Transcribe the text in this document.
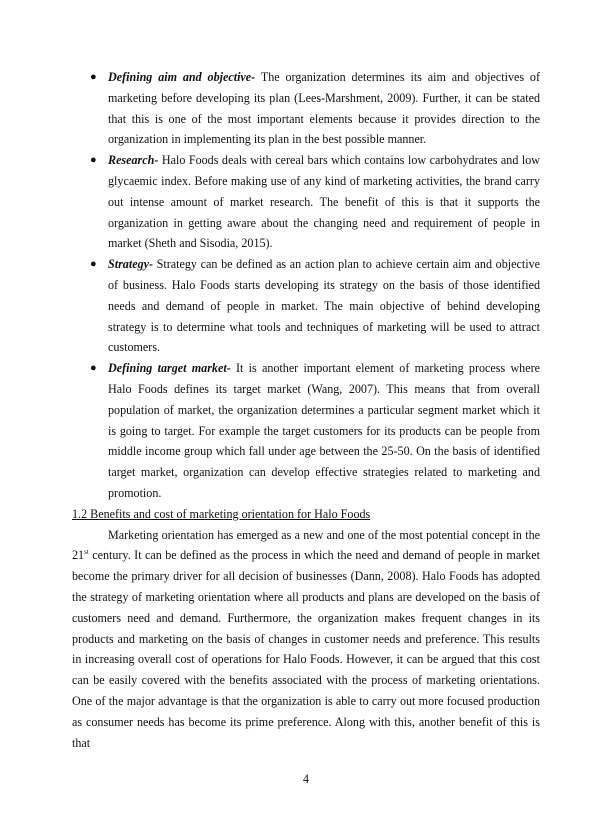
● Defining aim and objective- The organization determines its aim and objectives of marketing before developing its plan (Lees-Marshment, 2009). Further, it can be stated that this is one of the most important elements because it provides direction to the organization in implementing its plan in the best possible manner.
● Research- Halo Foods deals with cereal bars which contains low carbohydrates and low glycaemic index. Before making use of any kind of marketing activities, the brand carry out intense amount of market research. The benefit of this is that it supports the organization in getting aware about the changing need and requirement of people in market (Sheth and Sisodia, 2015).
● Strategy- Strategy can be defined as an action plan to achieve certain aim and objective of business. Halo Foods starts developing its strategy on the basis of those identified needs and demand of people in market. The main objective of behind developing strategy is to determine what tools and techniques of marketing will be used to attract customers.
● Defining target market- It is another important element of marketing process where Halo Foods defines its target market (Wang, 2007). This means that from overall population of market, the organization determines a particular segment market which it is going to target. For example the target customers for its products can be people from middle income group which fall under age between the 25-50. On the basis of identified target market, organization can develop effective strategies related to marketing and promotion.

1.2 Benefits and cost of marketing orientation for Halo Foods

Marketing orientation has emerged as a new and one of the most potential concept in the 21st century. It can be defined as the process in which the need and demand of people in market become the primary driver for all decision of businesses (Dann, 2008). Halo Foods has adopted the strategy of marketing orientation where all products and plans are developed on the basis of customers need and demand. Furthermore, the organization makes frequent changes in its products and marketing on the basis of changes in customer needs and preference. This results in increasing overall cost of operations for Halo Foods. However, it can be argued that this cost can be easily covered with the benefits associated with the process of marketing orientations. One of the major advantage is that the organization is able to carry out more focused production as consumer needs has become its prime preference. Along with this, another benefit of this is that

4
